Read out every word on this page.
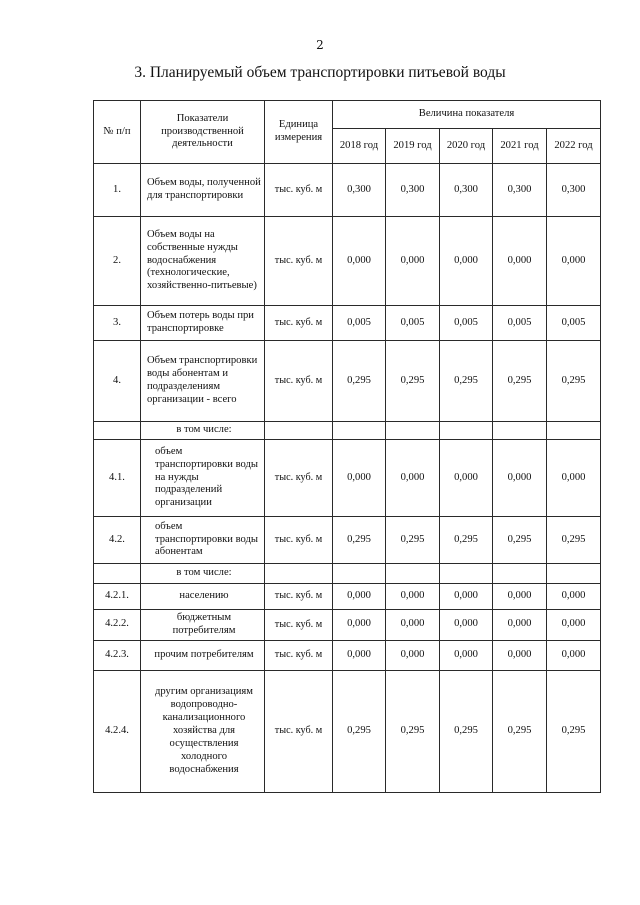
2
3. Планируемый объем транспортировки питьевой воды
№ п/п	Показатели производственной деятельности	Единица измерения	Величина показателя				
			2018 год	2019 год	2020 год	2021 год	2022 год
1.	Объем воды, полученной для транспортировки	тыс. куб. м	0,300	0,300	0,300	0,300	0,300
2.	Объем воды на собственные нужды водоснабжения (технологические, хозяйственно-питьевые)	тыс. куб. м	0,000	0,000	0,000	0,000	0,000
3.	Объем потерь воды при транспортировке	тыс. куб. м	0,005	0,005	0,005	0,005	0,005
4.	Объем транспортировки воды абонентам и подразделениям организации - всего	тыс. куб. м	0,295	0,295	0,295	0,295	0,295
	в том числе:						
4.1.	объем транспортировки воды на нужды подразделений организации	тыс. куб. м	0,000	0,000	0,000	0,000	0,000
4.2.	объем транспортировки воды абонентам	тыс. куб. м	0,295	0,295	0,295	0,295	0,295
	в том числе:						
4.2.1.	населению	тыс. куб. м	0,000	0,000	0,000	0,000	0,000
4.2.2.	бюджетным потребителям	тыс. куб. м	0,000	0,000	0,000	0,000	0,000
4.2.3.	прочим потребителям	тыс. куб. м	0,000	0,000	0,000	0,000	0,000
4.2.4.	другим организациям водопроводно-канализационного хозяйства для осуществления холодного водоснабжения	тыс. куб. м	0,295	0,295	0,295	0,295	0,295
